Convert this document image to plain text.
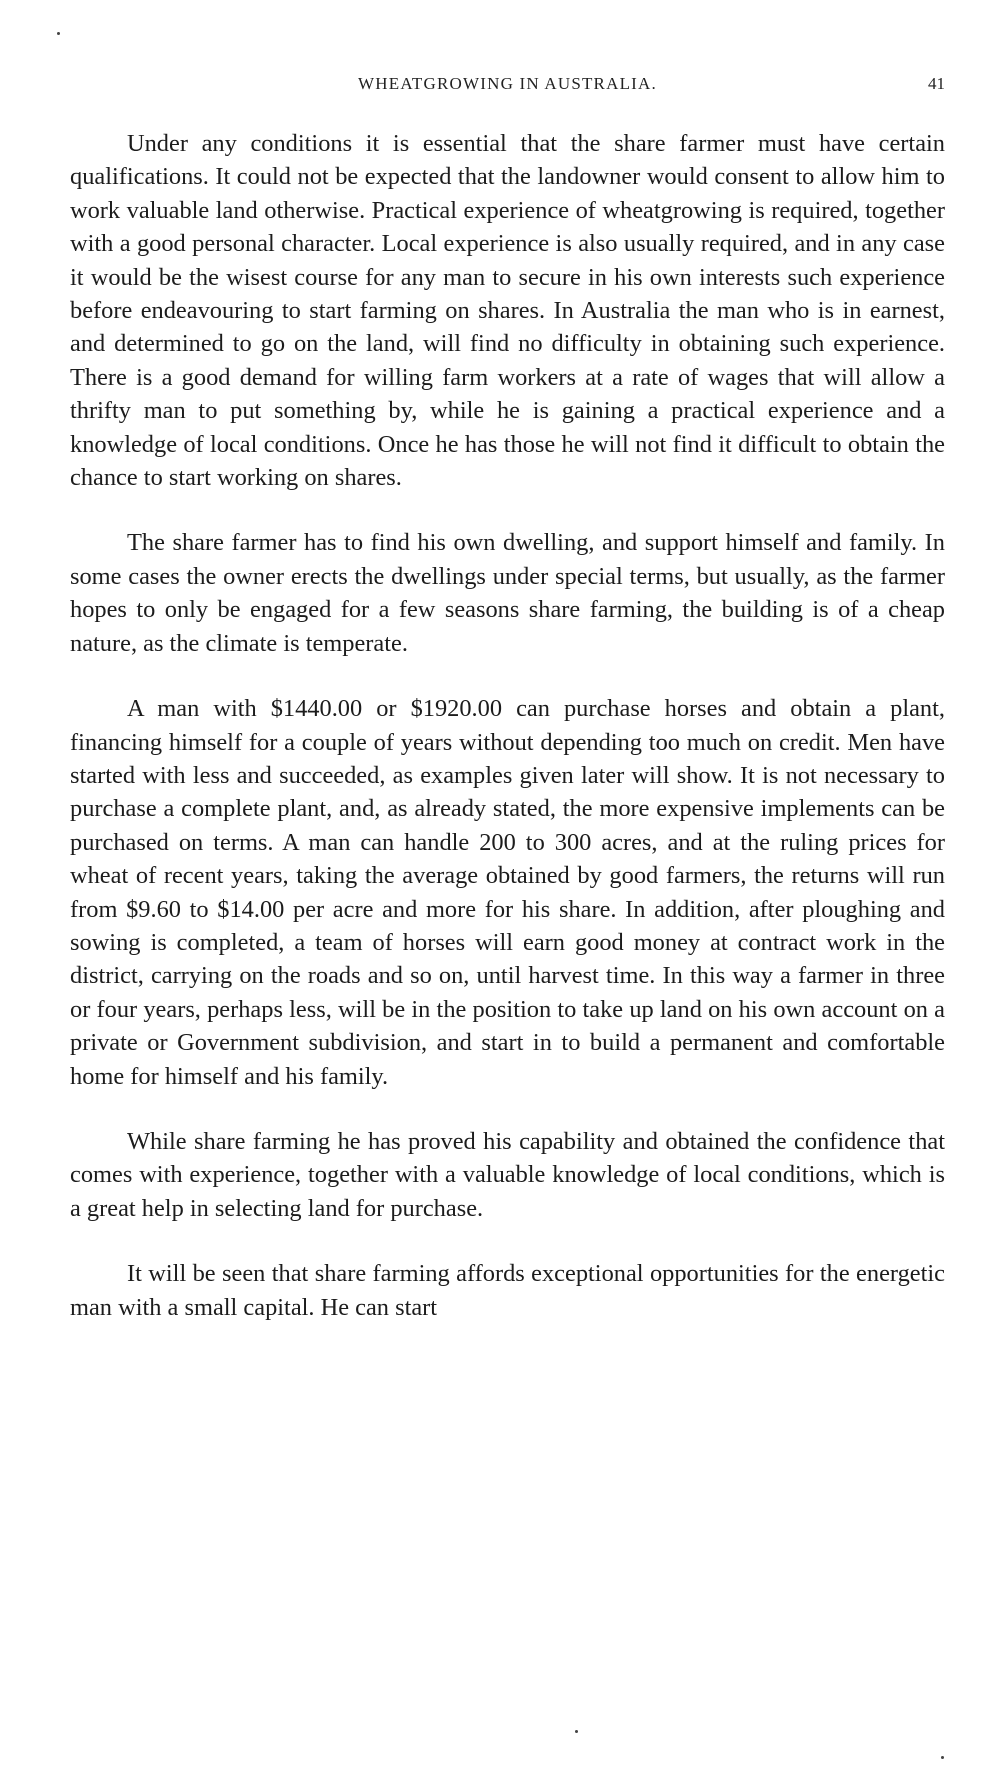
WHEATGROWING IN AUSTRALIA.	41

Under any conditions it is essential that the share farmer must have certain qualifications. It could not be expected that the landowner would consent to allow him to work valuable land otherwise. Practical experience of wheatgrowing is required, together with a good personal character. Local experience is also usually required, and in any case it would be the wisest course for any man to secure in his own interests such experience before endeavouring to start farming on shares. In Australia the man who is in earnest, and determined to go on the land, will find no difficulty in obtaining such experience. There is a good demand for willing farm workers at a rate of wages that will allow a thrifty man to put something by, while he is gaining a practical experience and a knowledge of local conditions. Once he has those he will not find it difficult to obtain the chance to start working on shares.

The share farmer has to find his own dwelling, and support himself and family. In some cases the owner erects the dwellings under special terms, but usually, as the farmer hopes to only be engaged for a few seasons share farming, the building is of a cheap nature, as the climate is temperate.

A man with $1440.00 or $1920.00 can purchase horses and obtain a plant, financing himself for a couple of years without depending too much on credit. Men have started with less and succeeded, as examples given later will show. It is not necessary to purchase a complete plant, and, as already stated, the more expensive implements can be purchased on terms. A man can handle 200 to 300 acres, and at the ruling prices for wheat of recent years, taking the average obtained by good farmers, the returns will run from $9.60 to $14.00 per acre and more for his share. In addition, after ploughing and sowing is completed, a team of horses will earn good money at contract work in the district, carrying on the roads and so on, until harvest time. In this way a farmer in three or four years, perhaps less, will be in the position to take up land on his own account on a private or Government subdivision, and start in to build a permanent and comfortable home for himself and his family.

While share farming he has proved his capability and obtained the confidence that comes with experience, together with a valuable knowledge of local conditions, which is a great help in selecting land for purchase.

It will be seen that share farming affords exceptional opportunities for the energetic man with a small capital. He can start
